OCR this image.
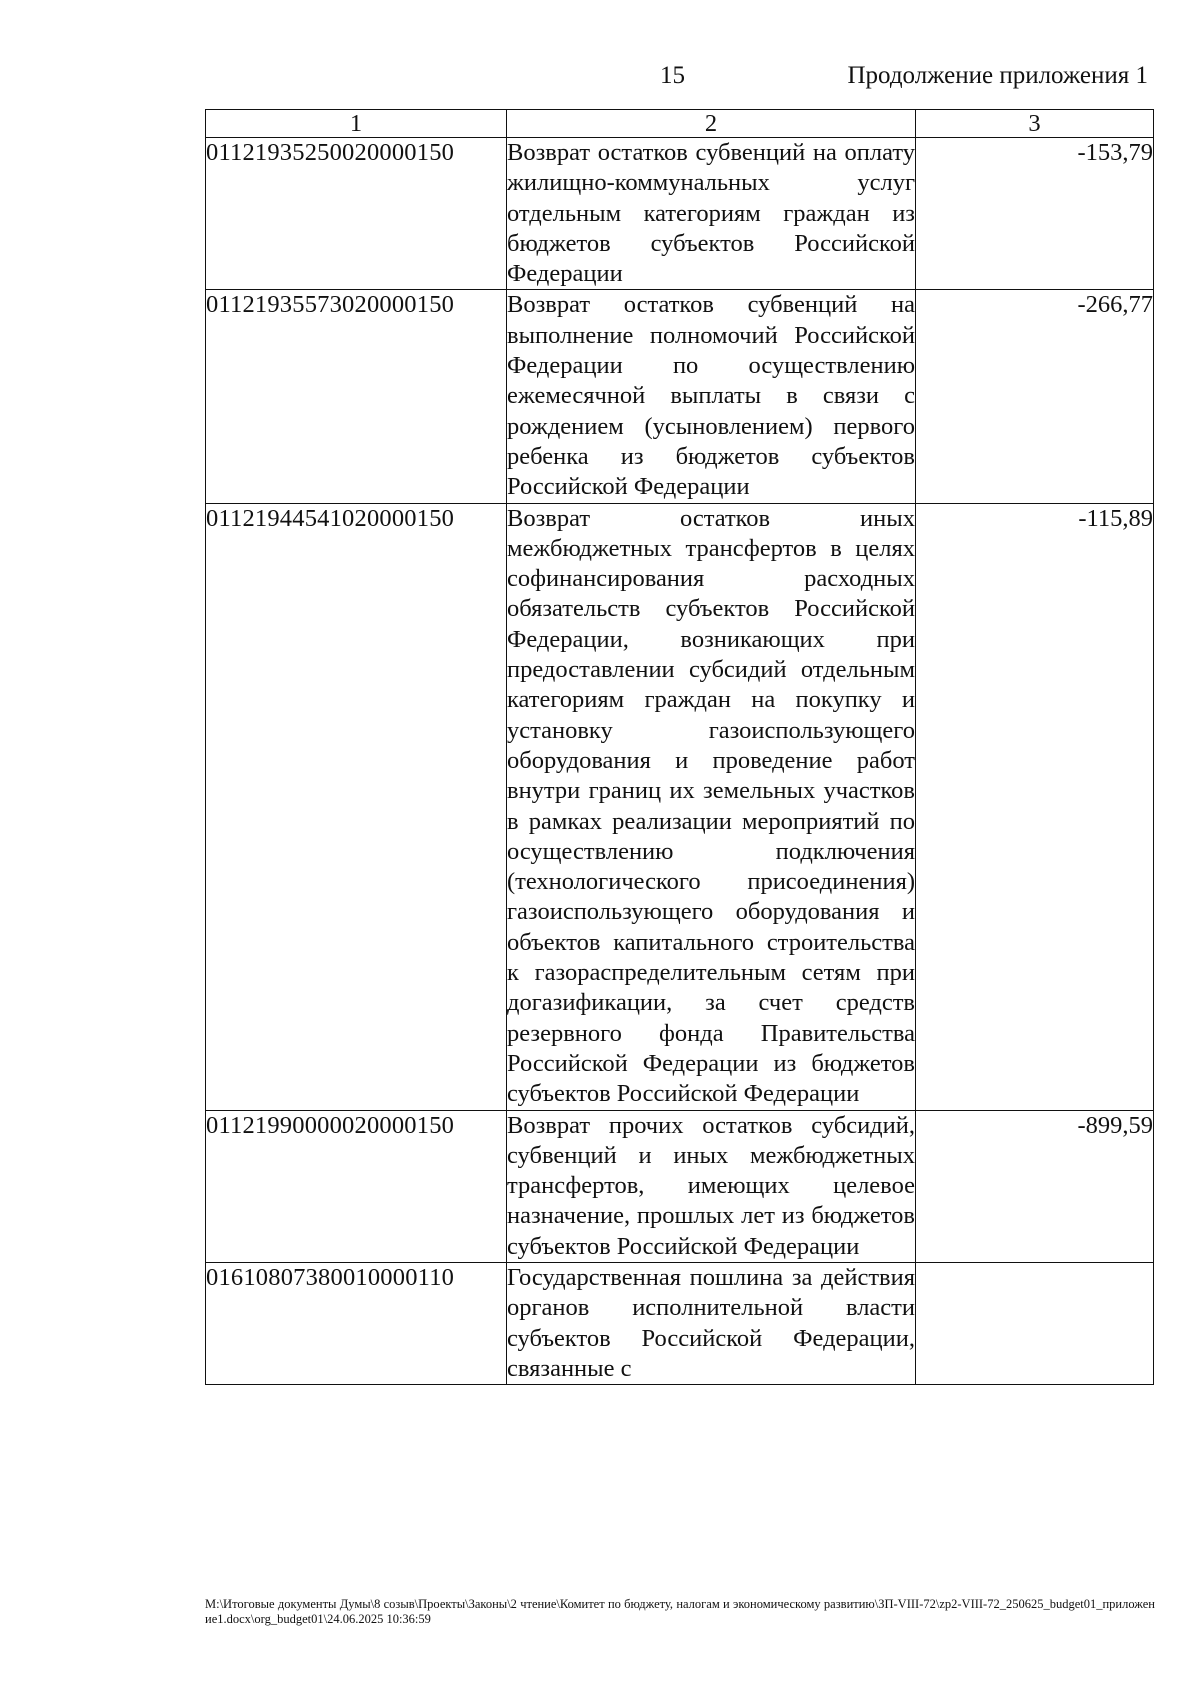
15	Продолжение приложения 1
1	2	3
01121935250020000150	Возврат остатков субвенций на оплату жилищно-коммунальных услуг отдельным категориям граждан из бюджетов субъектов Российской Федерации	-153,79
01121935573020000150	Возврат остатков субвенций на выполнение полномочий Российской Федерации по осуществлению ежемесячной выплаты в связи с рождением (усыновлением) первого ребенка из бюджетов субъектов Российской Федерации	-266,77
01121944541020000150	Возврат остатков иных межбюджетных трансфертов в целях софинансирования расходных обязательств субъектов Российской Федерации, возникающих при предоставлении субсидий отдельным категориям граждан на покупку и установку газоиспользующего оборудования и проведение работ внутри границ их земельных участков в рамках реализации мероприятий по осуществлению подключения (технологического присоединения) газоиспользующего оборудования и объектов капитального строительства к газораспределительным сетям при догазификации, за счет средств резервного фонда Правительства Российской Федерации из бюджетов субъектов Российской Федерации	-115,89
01121990000020000150	Возврат прочих остатков субсидий, субвенций и иных межбюджетных трансфертов, имеющих целевое назначение, прошлых лет из бюджетов субъектов Российской Федерации	-899,59
01610807380010000110	Государственная пошлина за действия органов исполнительной власти субъектов Российской Федерации, связанные с	
М:\Итоговые документы Думы\8 созыв\Проекты\Законы\2 чтение\Комитет по бюджету, налогам и экономическому развитию\ЗП-VIII-72\zp2-VIII-72_250625_budget01_приложение1.docx\org_budget01\24.06.2025 10:36:59
